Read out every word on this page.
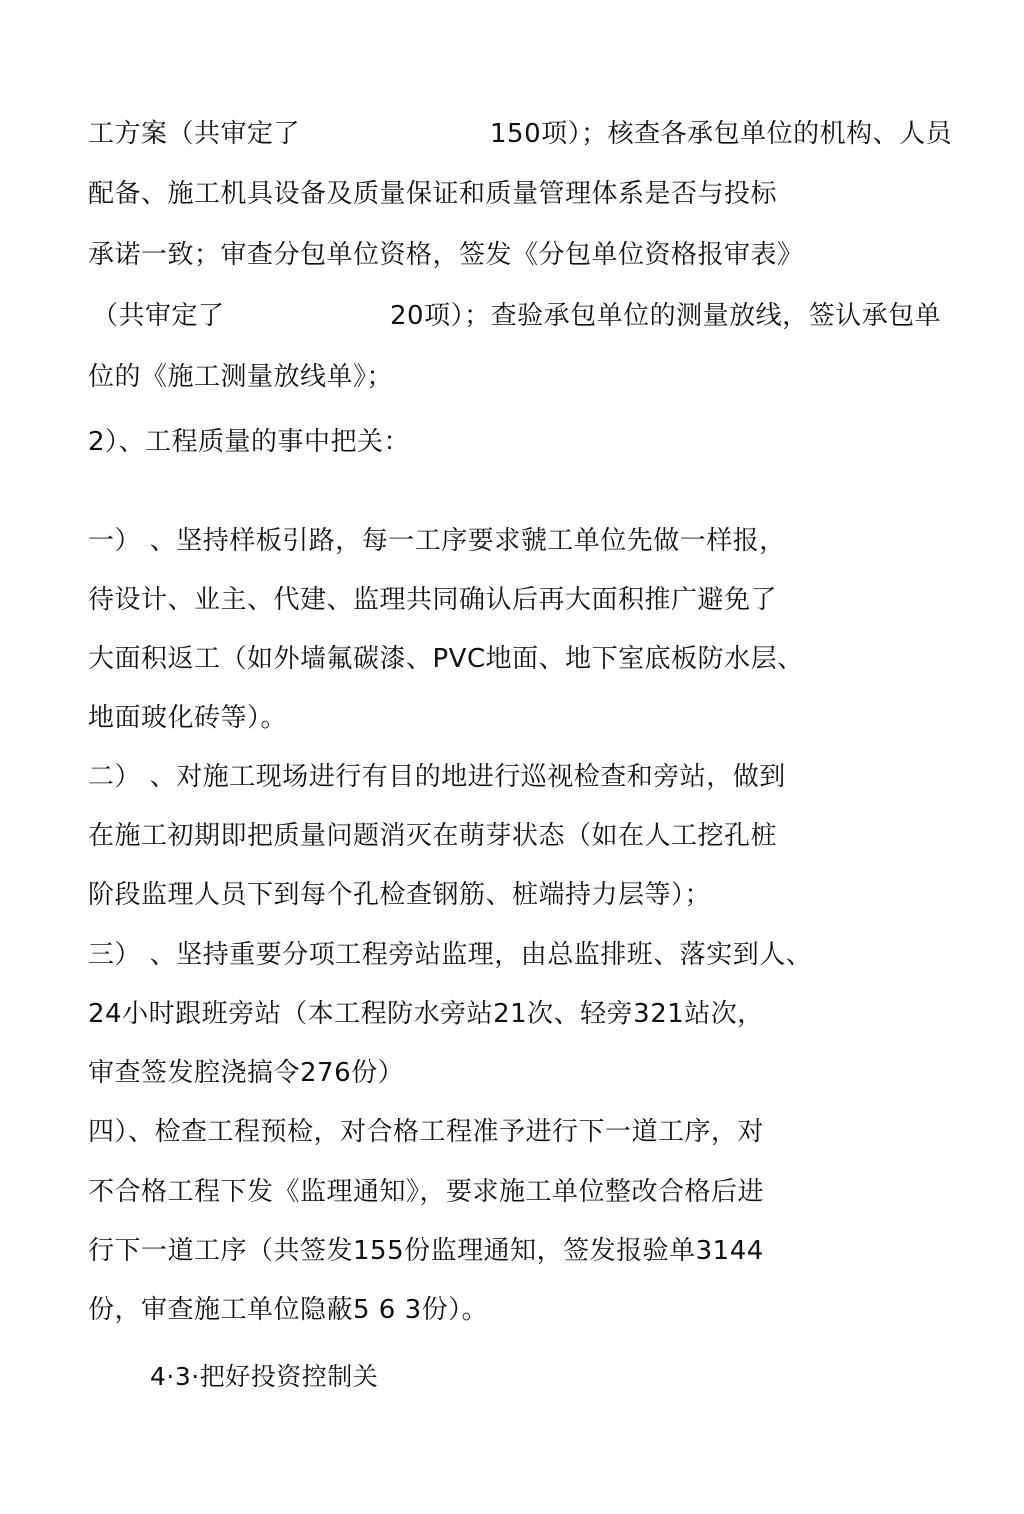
工方案（共审定了	150项）；核查各承包单位的机构、人员
配备、施工机具设备及质量保证和质量管理体系是否与投标
承诺一致；审查分包单位资格，签发《分包单位资格报审表》
（共审定了	20项）；查验承包单位的测量放线，签认承包单
位的《施工测量放线单》；
2）、工程质量的事中把关：
一） 、坚持样板引路，每一工序要求虢工单位先做一样报，
待设计、业主、代建、监理共同确认后再大面积推广避免了
大面积返工（如外墙氟碳漆、PVC地面、地下室底板防水层、
地面玻化砖等）。
二） 、对施工现场进行有目的地进行巡视检查和旁站，做到
在施工初期即把质量问题消灭在萌芽状态（如在人工挖孔桩
阶段监理人员下到每个孔检查钢筋、桩端持力层等）；
三） 、坚持重要分项工程旁站监理，由总监排班、落实到人、
24小时跟班旁站（本工程防水旁站21次、轻旁321站次，
审查签发腔浇搞令276份）
四）、检查工程预检，对合格工程准予进行下一道工序，对
不合格工程下发《监理通知》，要求施工单位整改合格后进
行下一道工序（共签发155份监理通知，签发报验单3144
份，审查施工单位隐蔽5 6 3份）。
4·3·把好投资控制关
